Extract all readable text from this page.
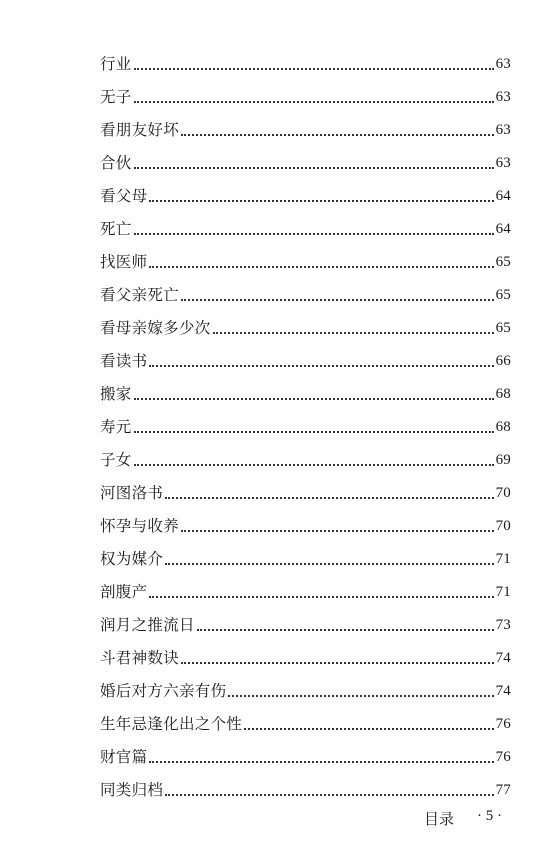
行业	63
无子	63
看朋友好坏	63
合伙	63
看父母	64
死亡	64
找医师	65
看父亲死亡	65
看母亲嫁多少次	65
看读书	66
搬家	68
寿元	68
子女	69
河图洛书	70
怀孕与收养	70
权为媒介	71
剖腹产	71
润月之推流日	73
斗君神数诀	74
婚后对方六亲有伤	74
生年忌逢化出之个性	76
财官篇	76
同类归档	77
目录 · 5 ·
